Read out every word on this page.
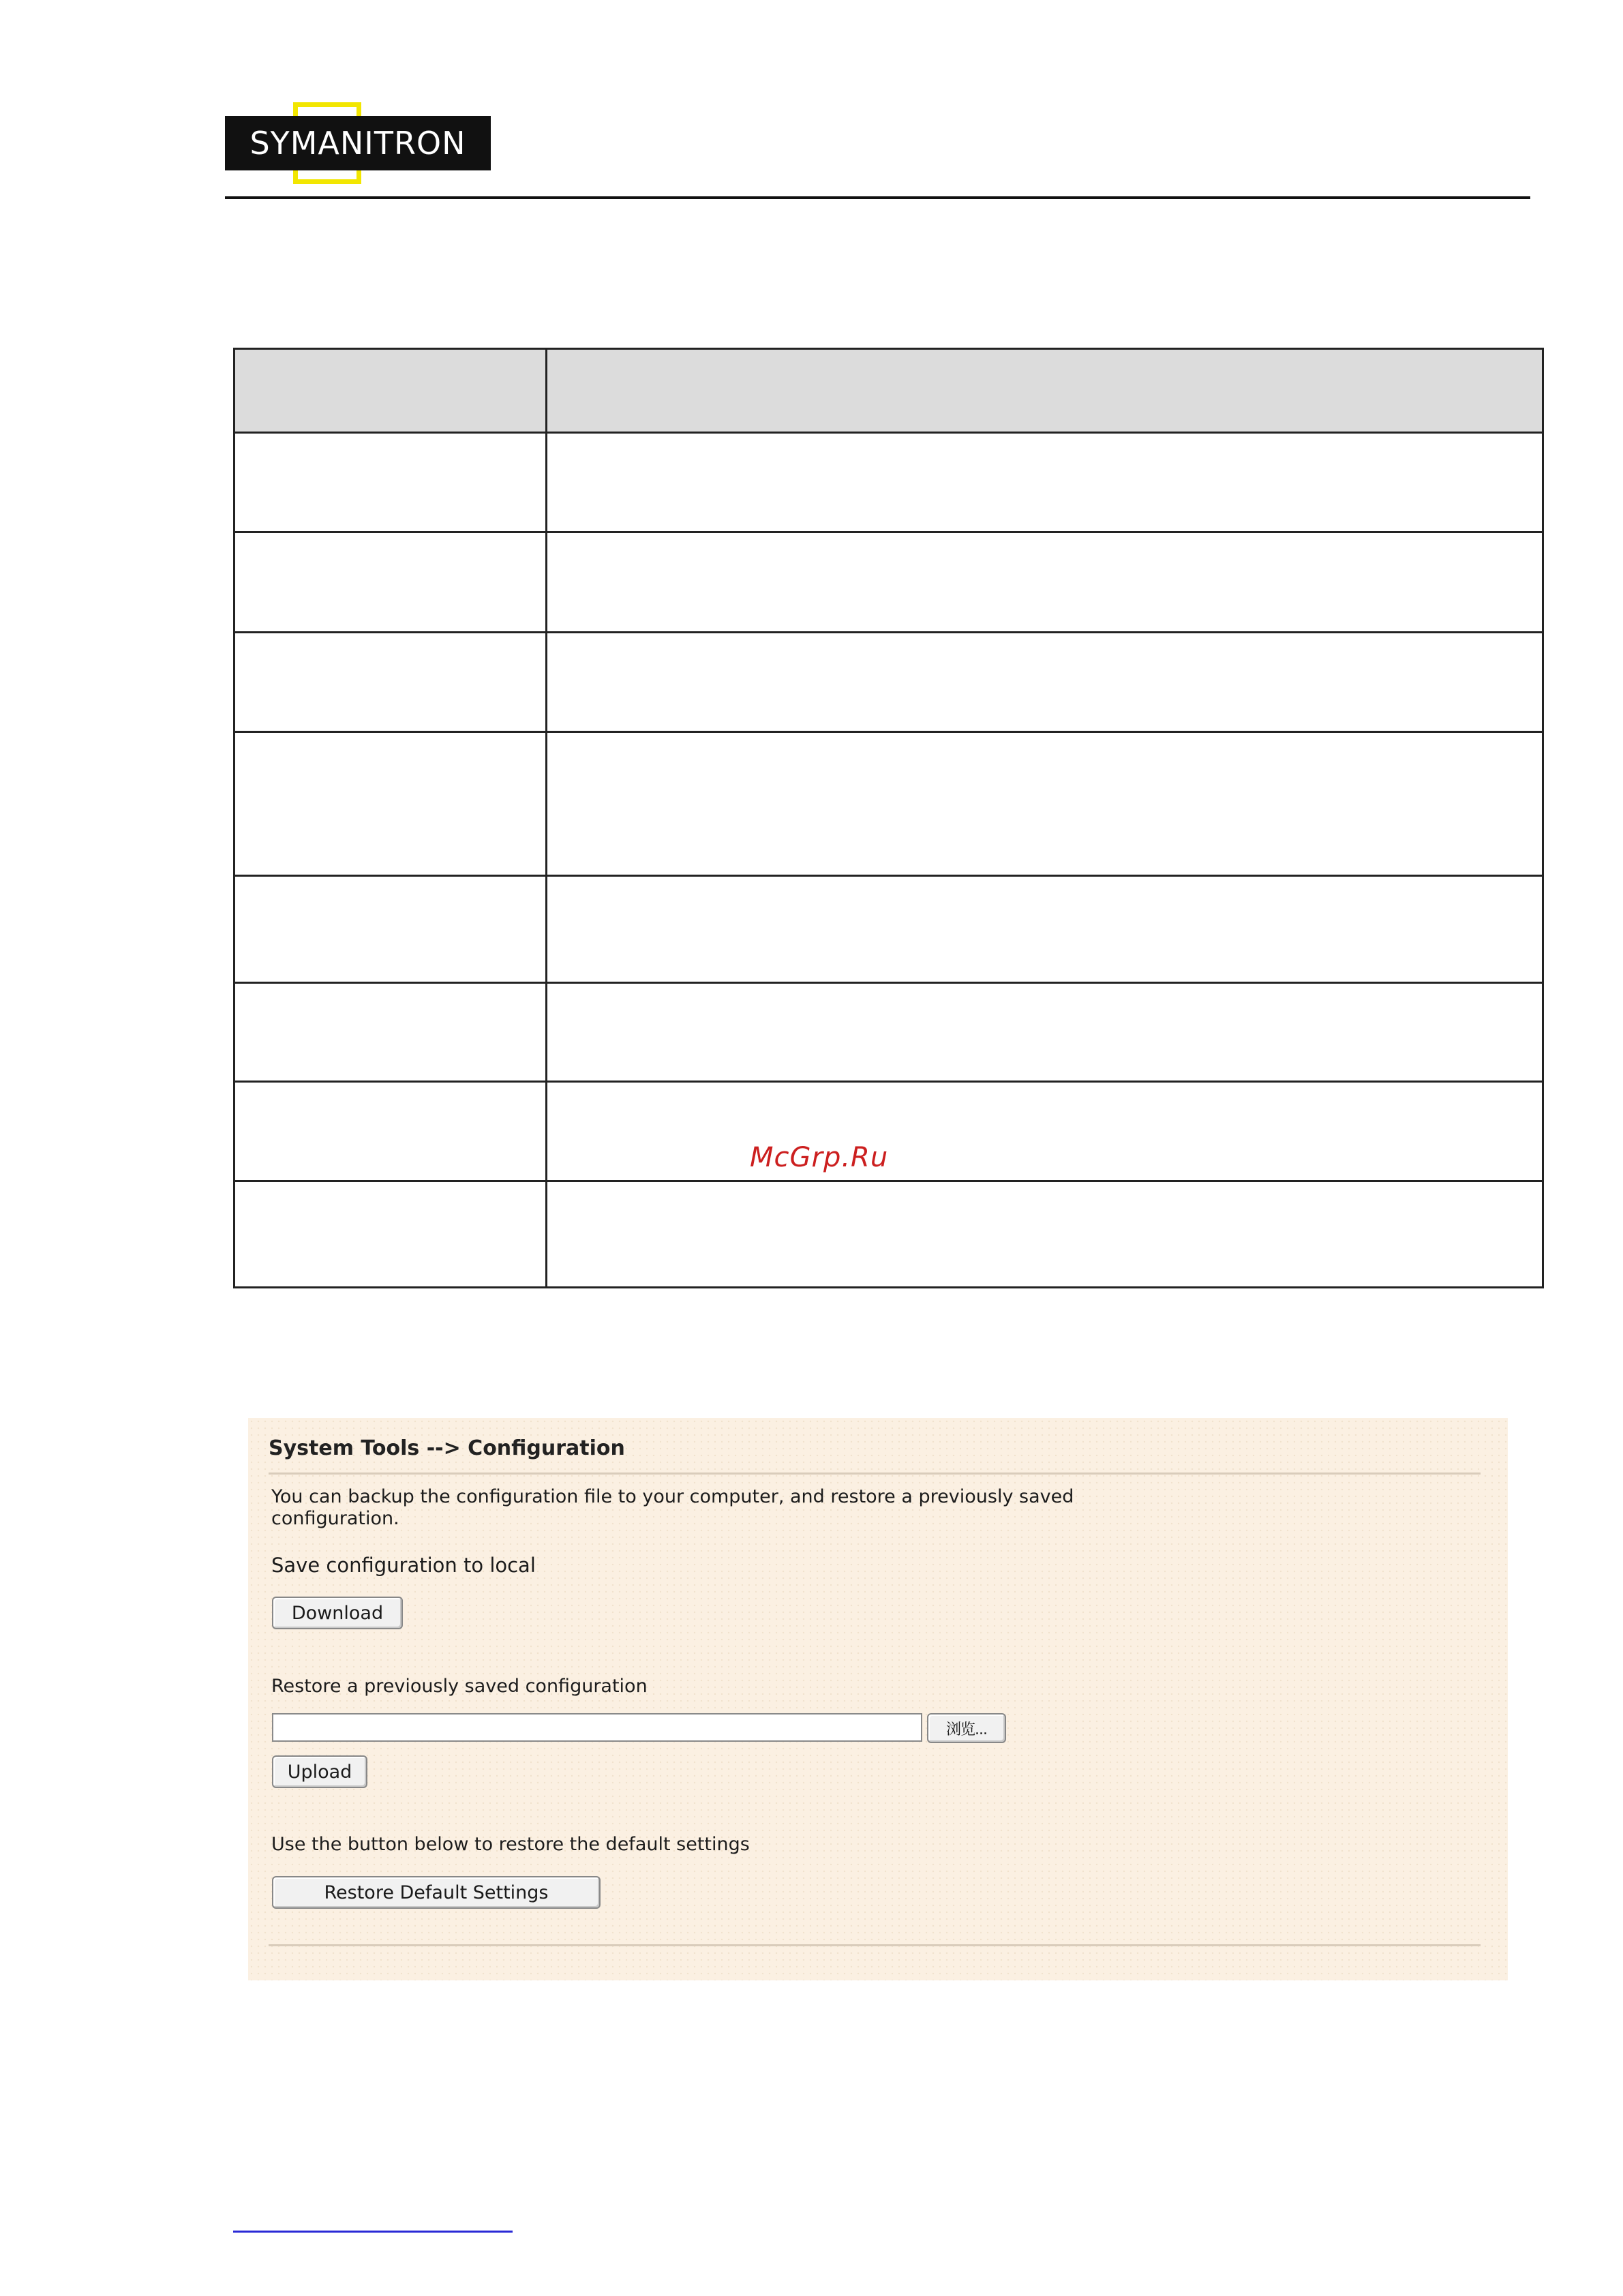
SYMANITRON

McGrp.Ru
System Tools --> Configuration
You can backup the configuration file to your computer, and restore a previously saved configuration.
Save configuration to local
Download
Restore a previously saved configuration
浏览...
Upload
Use the button below to restore the default settings
Restore Default Settings
